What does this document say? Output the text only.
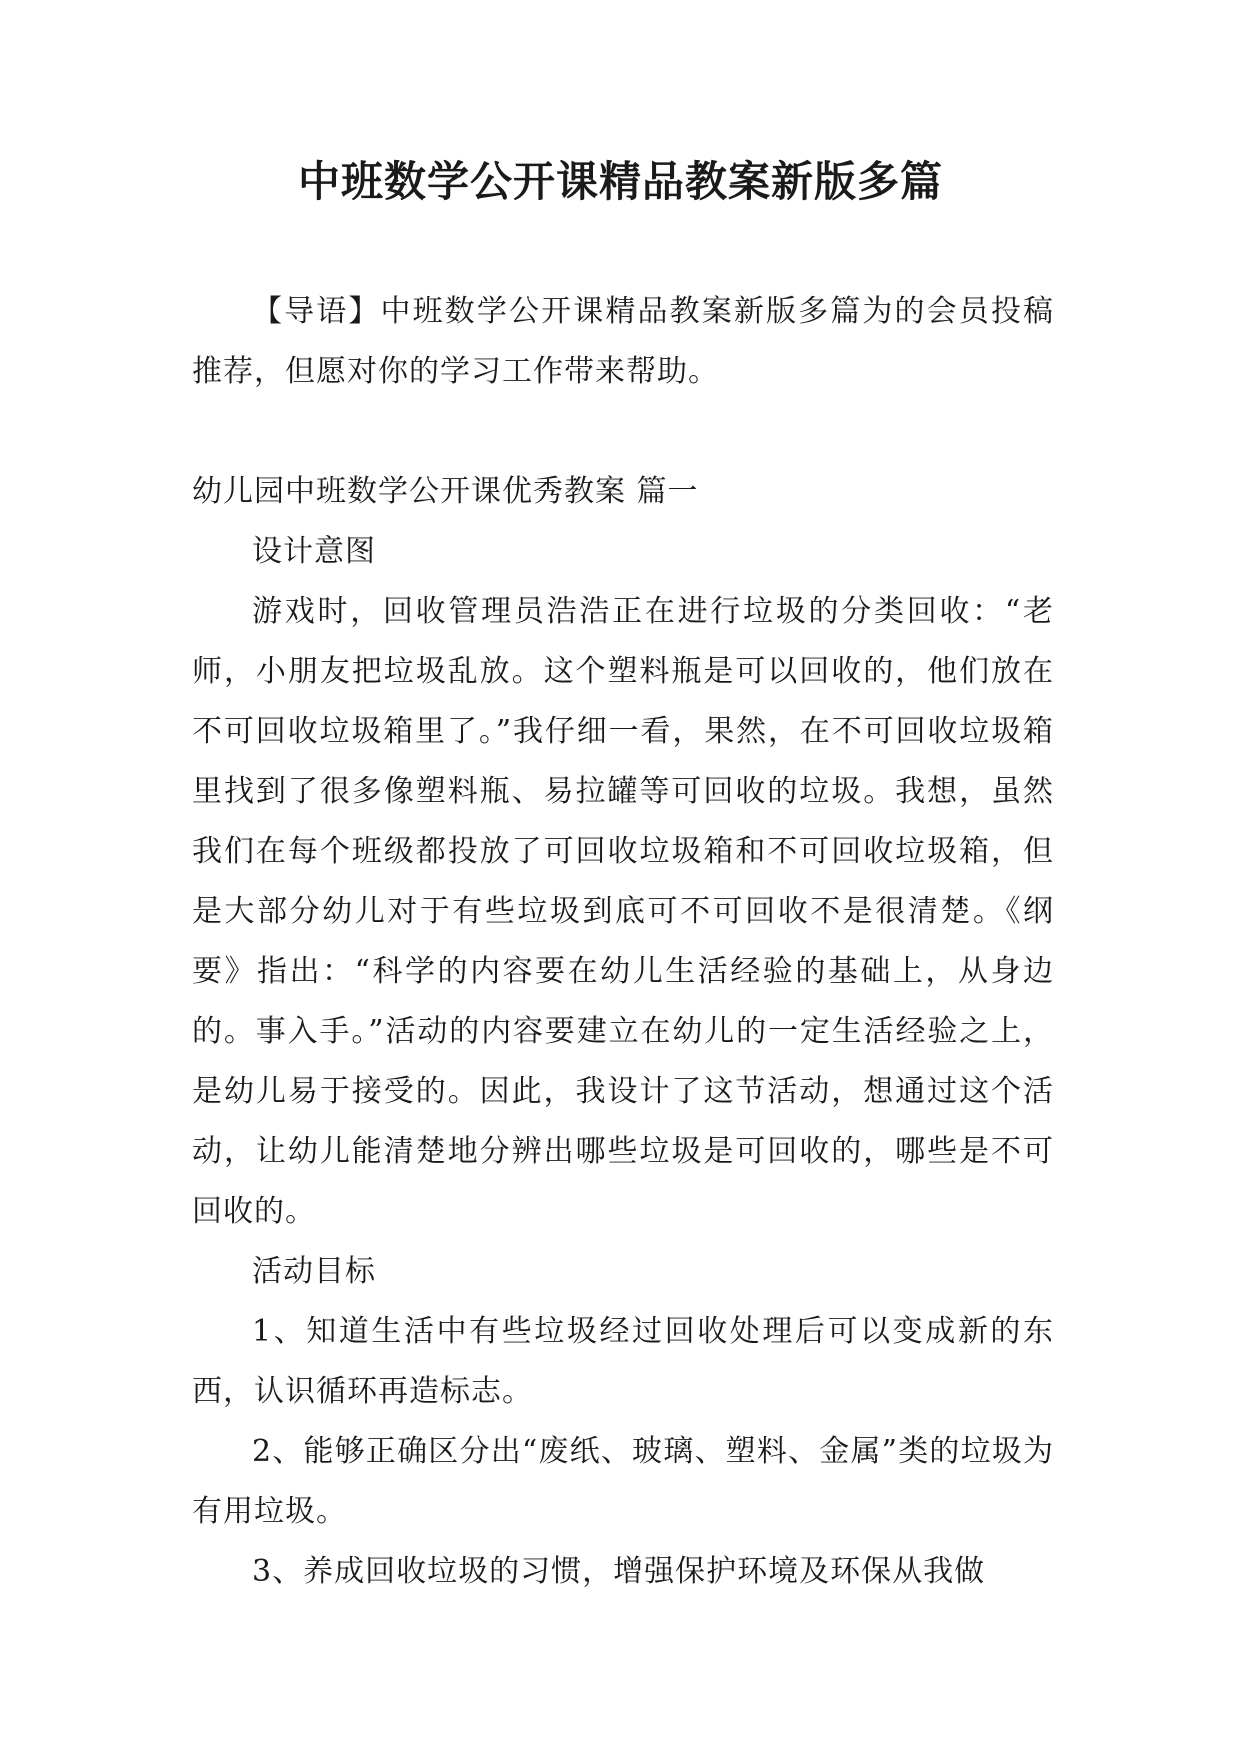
中班数学公开课精品教案新版多篇

【导语】中班数学公开课精品教案新版多篇为的会员投稿推荐，但愿对你的学习工作带来帮助。

幼儿园中班数学公开课优秀教案 篇一

设计意图

游戏时，回收管理员浩浩正在进行垃圾的分类回收：“老师，小朋友把垃圾乱放。这个塑料瓶是可以回收的，他们放在不可回收垃圾箱里了。”我仔细一看，果然，在不可回收垃圾箱里找到了很多像塑料瓶、易拉罐等可回收的垃圾。我想，虽然我们在每个班级都投放了可回收垃圾箱和不可回收垃圾箱，但是大部分幼儿对于有些垃圾到底可不可回收不是很清楚。《纲要》指出：“科学的内容要在幼儿生活经验的基础上，从身边的。事入手。”活动的内容要建立在幼儿的一定生活经验之上，是幼儿易于接受的。因此，我设计了这节活动，想通过这个活动，让幼儿能清楚地分辨出哪些垃圾是可回收的，哪些是不可回收的。

活动目标

1、知道生活中有些垃圾经过回收处理后可以变成新的东西，认识循环再造标志。

2、能够正确区分出“废纸、玻璃、塑料、金属”类的垃圾为有用垃圾。

3、养成回收垃圾的习惯，增强保护环境及环保从我做
